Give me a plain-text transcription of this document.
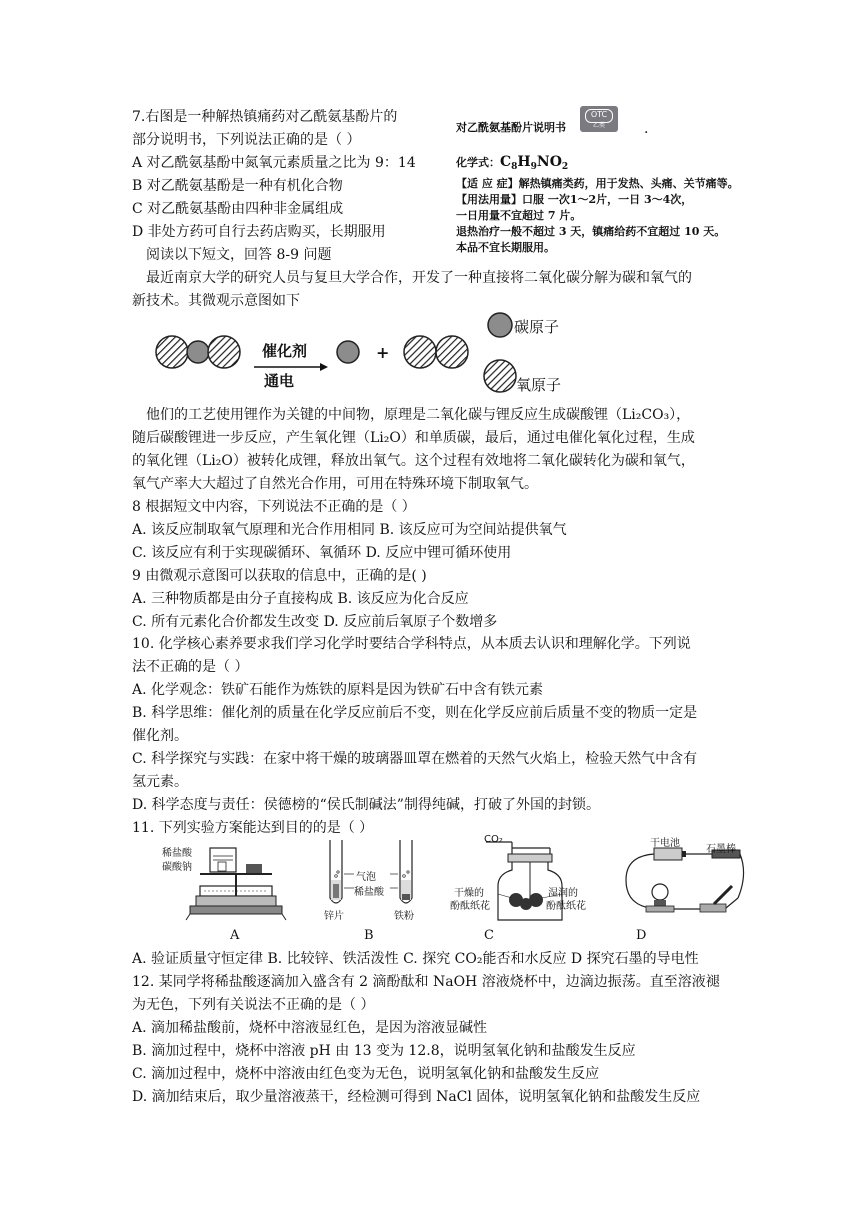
7.右图是一种解热镇痛药对乙酰氨基酚片的
部分说明书，下列说法正确的是（ ）
A 对乙酰氨基酚中氮氧元素质量之比为 9：14
B 对乙酰氨基酚是一种有机化合物
C 对乙酰氨基酚由四种非金属组成
D 非处方药可自行去药店购买，长期服用
对乙酰氨基酚片说明书
OTC
乙类	.
化学式：$C_8H_9NO_2$
【适 应 症】解热镇痛类药，用于发热、头痛、关节痛等。
【用法用量】口服 一次1～2片，一日 3～4次，
一日用量不宜超过 7 片。
退热治疗一般不超过 3 天，镇痛给药不宜超过 10 天。
本品不宜长期服用。
阅读以下短文，回答 8-9 问题
最近南京大学的研究人员与复旦大学合作，开发了一种直接将二氧化碳分解为碳和氧气的
新技术。其微观示意图如下
催化剂
通电
+
碳原子
氧原子
他们的工艺使用锂作为关键的中间物，原理是二氧化碳与锂反应生成碳酸锂（Li₂CO₃），
随后碳酸锂进一步反应，产生氧化锂（Li₂O）和单质碳，最后，通过电催化氧化过程，生成
的氧化锂（Li₂O）被转化成锂，释放出氧气。这个过程有效地将二氧化碳转化为碳和氧气，
氧气产率大大超过了自然光合作用，可用在特殊环境下制取氧气。
8 根据短文中内容，下列说法不正确的是（ ）
A. 该反应制取氧气原理和光合作用相同 B. 该反应可为空间站提供氧气
C. 该反应有利于实现碳循环、氧循环 D. 反应中锂可循环使用
9 由微观示意图可以获取的信息中，正确的是( )
A. 三种物质都是由分子直接构成 B. 该反应为化合反应
C. 所有元素化合价都发生改变 D. 反应前后氧原子个数增多
10. 化学核心素养要求我们学习化学时要结合学科特点，从本质去认识和理解化学。下列说
法不正确的是（ ）
A. 化学观念：铁矿石能作为炼铁的原料是因为铁矿石中含有铁元素
B. 科学思维：催化剂的质量在化学反应前后不变，则在化学反应前后质量不变的物质一定是
催化剂。
C. 科学探究与实践：在家中将干燥的玻璃器皿罩在燃着的天然气火焰上，检验天然气中含有
氢元素。
D. 科学态度与责任：侯德榜的“侯氏制碱法”制得纯碱，打破了外国的封锁。
11. 下列实验方案能达到目的的是（ ）
稀盐酸
碳酸钠
气泡
稀盐酸
锌片	铁粉
CO₂
干燥的
酚酞纸花
湿润的
酚酞纸花
干电池
石墨棒
A	B	C	D
A. 验证质量守恒定律 B. 比较锌、铁活泼性 C. 探究 CO₂能否和水反应 D 探究石墨的导电性
12. 某同学将稀盐酸逐滴加入盛含有 2 滴酚酞和 NaOH 溶液烧杯中，边滴边振荡。直至溶液褪
为无色，下列有关说法不正确的是（ ）
A. 滴加稀盐酸前，烧杯中溶液显红色，是因为溶液显碱性
B. 滴加过程中，烧杯中溶液 pH 由 13 变为 12.8，说明氢氧化钠和盐酸发生反应
C. 滴加过程中，烧杯中溶液由红色变为无色，说明氢氧化钠和盐酸发生反应
D. 滴加结束后，取少量溶液蒸干，经检测可得到 NaCl 固体，说明氢氧化钠和盐酸发生反应
